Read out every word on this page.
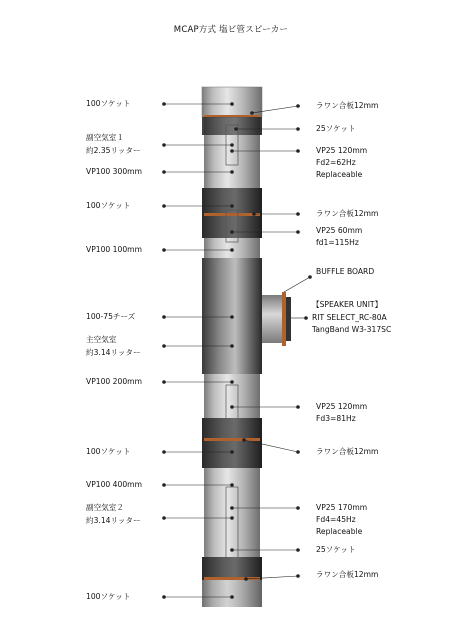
MCAP方式 塩ビ管スピーカー
100ソケット
副空気室１
約2.35リッター
VP100 300mm
100ソケット
VP100 100mm
100-75チーズ
主空気室
約3.14リッター
VP100 200mm
100ソケット
VP100 400mm
副空気室２
約3.14リッター
100ソケット
ラワン合板12mm
25ソケット
VP25 120mm
Fd2=62Hz
Replaceable
ラワン合板12mm
VP25 60mm
fd1=115Hz
BUFFLE BOARD
【SPEAKER UNIT】
RIT SELECT_RC-80A
TangBand W3-317SC
VP25 120mm
Fd3=81Hz
ラワン合板12mm
VP25 170mm
Fd4=45Hz
Replaceable
25ソケット
ラワン合板12mm
